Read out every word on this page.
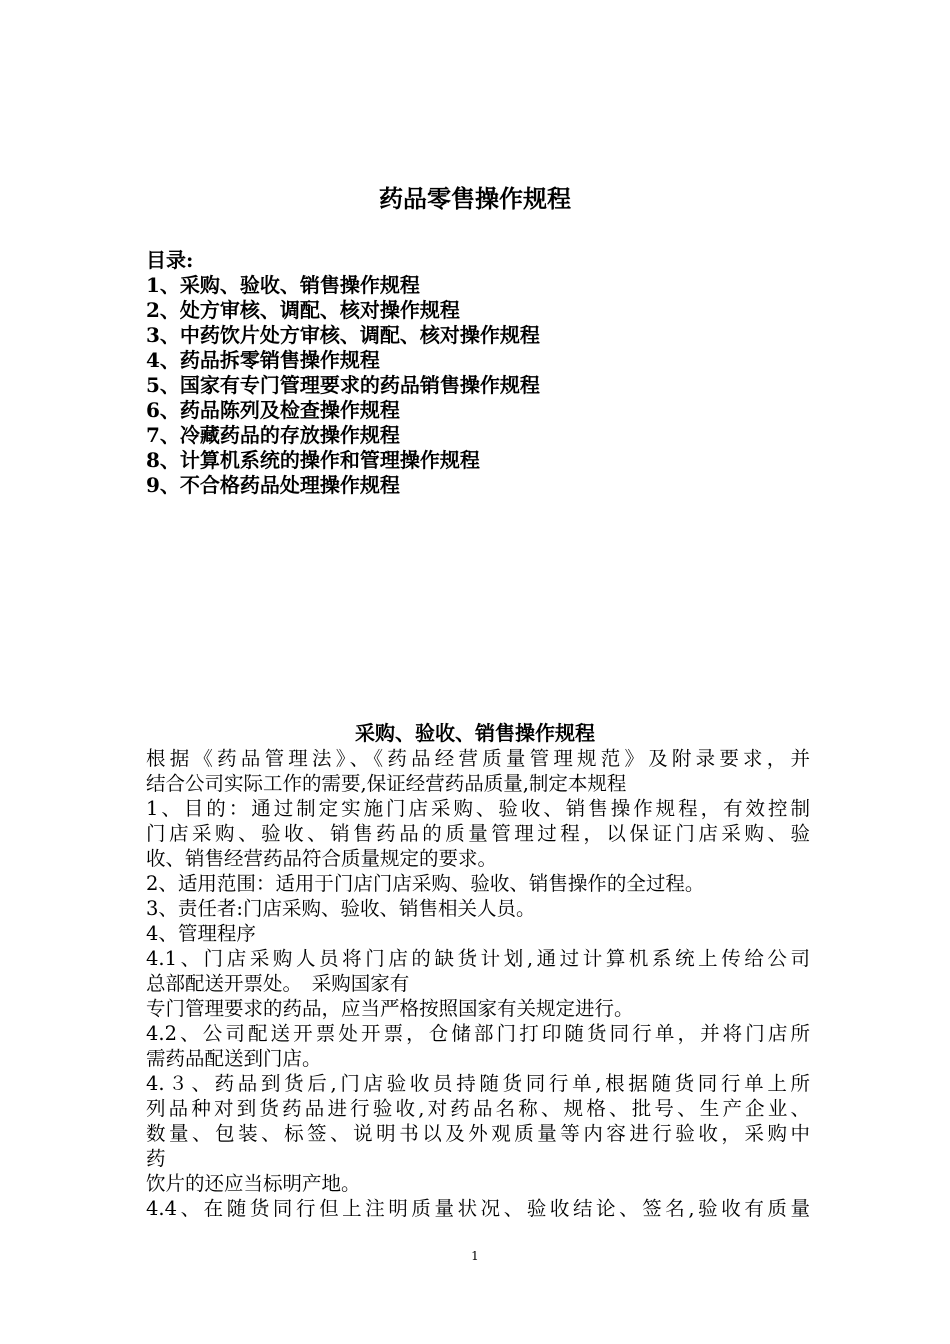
药品零售操作规程
目录:
1、采购、验收、销售操作规程
2、处方审核、调配、核对操作规程
3、中药饮片处方审核、调配、核对操作规程
4、药品拆零销售操作规程
5、国家有专门管理要求的药品销售操作规程
6、药品陈列及检查操作规程
7、冷藏药品的存放操作规程
8、计算机系统的操作和管理操作规程
9、不合格药品处理操作规程
采购、验收、销售操作规程
根据《药品管理法》、《药品经营质量管理规范》及附录要求，并
结合公司实际工作的需要,保证经营药品质量,制定本规程
1、目的：通过制定实施门店采购、验收、销售操作规程，有效控制
门店采购、验收、销售药品的质量管理过程，以保证门店采购、验
收、销售经营药品符合质量规定的要求。
2、适用范围：适用于门店门店采购、验收、销售操作的全过程。
3、责任者:门店采购、验收、销售相关人员。
4、管理程序
4.1、门店采购人员将门店的缺货计划,通过计算机系统上传给公司
总部配送开票处。　采购国家有
专门管理要求的药品，应当严格按照国家有关规定进行。
4.2、公司配送开票处开票，仓储部门打印随货同行单，并将门店所
需药品配送到门店。
4.３、药品到货后,门店验收员持随货同行单,根据随货同行单上所
列品种对到货药品进行验收,对药品名称、规格、批号、生产企业、
数量、包装、标签、说明书以及外观质量等内容进行验收，采购中
药
饮片的还应当标明产地。
4.4、在随货同行但上注明质量状况、验收结论、签名,验收有质量
1
